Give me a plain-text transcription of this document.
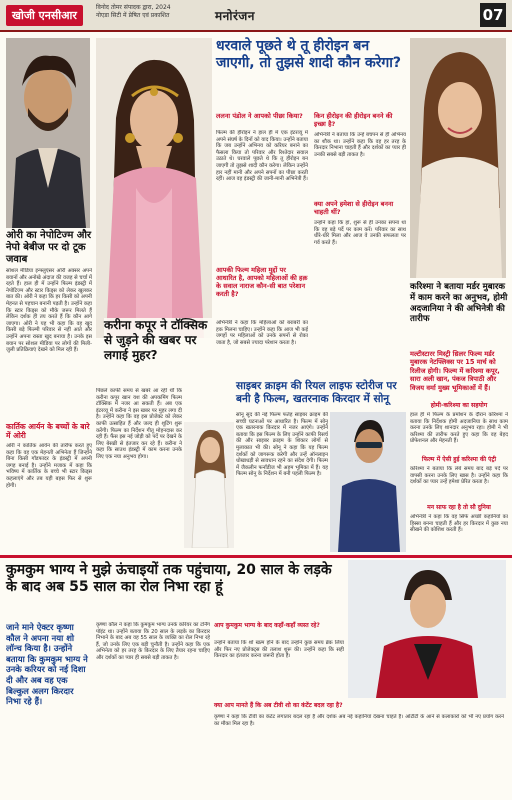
खोजी एनसीआर
विनोद तोमर संपादक द्वारा, 2024
नोएडा सिटी में प्रेषित एवं प्रकाशित	मनोरंजन	07
ओरी का नेपोटिज्म और नेपो बेबीज पर दो टूक जवाब
सोशल मीडिया इन्फ्लुएंसर ओरी अक्सर अपने बयानों और अनोखे अंदाज की वजह से चर्चा में रहते हैं। हाल ही में उन्होंने फिल्म इंडस्ट्री में नेपोटिज्म और स्टार किड्स को लेकर खुलकर बात की। ओरी ने कहा कि हर किसी को अपनी मेहनत से पहचान बनानी पड़ती है। उन्होंने कहा कि स्टार किड्स को मौके जरूर मिलते हैं लेकिन दर्शक ही तय करते हैं कि कौन आगे जाएगा। ओरी ने यह भी कहा कि वह खुद किसी बड़े फिल्मी परिवार से नहीं आते और उन्होंने अपना रास्ता खुद बनाया है। उनके इस बयान पर सोशल मीडिया पर लोगों की मिली-जुली प्रतिक्रियाएं देखने को मिल रही हैं।
कार्तिक आर्यन के बच्चों के बारे में ओरी
ओरी ने कार्तिक आर्यन की तारीफ करते हुए कहा कि वह एक मेहनती अभिनेता हैं जिन्होंने बिना किसी गॉडफादर के इंडस्ट्री में अपनी जगह बनाई है। उन्होंने मजाक में कहा कि भविष्य में कार्तिक के बच्चे भी स्टार किड्स कहलाएंगे और तब यही बहस फिर से शुरू होगी।
करीना कपूर ने टॉक्सिक से जुड़ने की खबर पर लगाई मुहर?
पिछले काफी समय से खबरें आ रही थीं कि करीना कपूर खान यश की अपकमिंग फिल्म टॉक्सिक में नजर आ सकती हैं। अब एक इंटरव्यू में करीना ने इस खबर पर मुहर लगा दी है। उन्होंने कहा कि वह इस प्रोजेक्ट को लेकर काफी उत्साहित हैं और जल्द ही शूटिंग शुरू करेंगी। फिल्म का निर्देशन गीतू मोहनदास कर रही हैं। फैंस इस नई जोड़ी को पर्दे पर देखने के लिए बेसब्री से इंतजार कर रहे हैं। करीना ने कहा कि साउथ इंडस्ट्री में काम करना उनके लिए एक नया अनुभव होगा।
धरवाले पूछते थे तू हीरोइन बन जाएगी, तो तुझसे शादी कौन करेगा?
ललना पंडोल ने आपको पीछा किया?
फिल्म की हीरोइन ने हाल ही में एक इंटरव्यू में अपने संघर्ष के दिनों को याद किया। उन्होंने बताया कि जब उन्होंने अभिनय को करियर बनाने का फैसला किया तो परिवार और रिश्तेदार सवाल उठाते थे। घरवाले पूछते थे कि तू हीरोइन बन जाएगी तो तुझसे शादी कौन करेगा। लेकिन उन्होंने हार नहीं मानी और अपने सपनों का पीछा करती रहीं। आज वह इंडस्ट्री की जानी-मानी अभिनेत्री हैं।
आपकी फिल्म महिला मुद्दों पर आधारित है, आपको महिलाओं की हक़ के सवाल नाराज कौन-सी बात परेशान करती है?
अभिनेत्री ने कहा कि महिलाओं को बराबरी का हक मिलना चाहिए। उन्होंने कहा कि आज भी कई जगहों पर महिलाओं को उनके सपनों से रोका जाता है, जो सबसे ज्यादा परेशान करता है।
किन हीरोइन की हीरोइन बनने की इच्छा है?
अभिनेत्री ने बताया कि उन्हें बचपन से ही अभिनय का शौक था। उन्होंने कहा कि वह हर तरह के किरदार निभाना चाहती हैं और दर्शकों का प्यार ही उनकी सबसे बड़ी ताकत है।
क्या अपने हमेशा से हीरोइन बनना चाहती थीं?
उन्होंने कहा कि हां, शुरू से ही उनका सपना था कि वह बड़े पर्दे पर काम करें। परिवार का साथ धीरे-धीरे मिला और आज वे उनकी सफलता पर गर्व करते हैं।
करिश्मा ने बताया मर्डर मुबारक में काम करने का अनुभव, होमी अदजानिया ने की अभिनेत्री की तारीफ
मल्टीस्टारर मिस्ट्री थ्रिलर फिल्म मर्डर मुबारक नेटफ्लिक्स पर 15 मार्च को रिलीज होगी। फिल्म में करिश्मा कपूर, सारा अली खान, पंकज त्रिपाठी और विजय वर्मा मुख्य भूमिकाओं में हैं।
होमी-करिश्मा का सहयोग
हाल ही में फिल्म के प्रमोशन के दौरान करिश्मा ने बताया कि निर्देशक होमी अदजानिया के साथ काम करना उनके लिए शानदार अनुभव रहा। होमी ने भी करिश्मा की तारीफ करते हुए कहा कि वह बेहद प्रोफेशनल और मेहनती हैं।
फिल्म में ऐसी हुई करिश्मा की एंट्री
करिश्मा ने बताया कि लंबे समय बाद बड़े पर्दे पर वापसी करना उनके लिए खास है। उन्होंने कहा कि दर्शकों का प्यार उन्हें हमेशा प्रेरित करता है।
मन साफ रहा है तो सौ दुनिया
अभिनेत्री ने कहा कि वह सिर्फ अच्छी कहानियों का हिस्सा बनना चाहती हैं और हर किरदार में कुछ नया सीखने की कोशिश करती हैं।
साइबर क्राइम की रियल लाइफ स्टोरीज पर बनी है फिल्म, खतरनाक किरदार में सोनू
सोनू सूद की नई फिल्म फतेह साइबर क्राइम की सच्ची घटनाओं पर आधारित है। फिल्म में सोनू एक खतरनाक किरदार में नजर आएंगे। उन्होंने बताया कि इस फिल्म के लिए उन्होंने काफी रिसर्च की और साइबर क्राइम के शिकार लोगों से मुलाकात भी की। सोनू ने कहा कि यह फिल्म दर्शकों को जागरूक करेगी और उन्हें ऑनलाइन धोखाधड़ी से सावधान रहने का संदेश देगी। फिल्म में जैकलीन फर्नांडीज भी अहम भूमिका में हैं। यह फिल्म सोनू के निर्देशन में बनी पहली फिल्म है।
कुमकुम भाग्य ने मुझे ऊंचाइयों तक पहुंचाया, 20 साल के लड़के के बाद अब 55 साल का रोल निभा रहा हूं
जाने माने ऐक्टर कृष्णा कौल ने अपना नया शो लॉन्च किया है। उन्होंने बताया कि कुमकुम भाग्य ने उनके करियर को नई दिशा दी और अब वह एक बिल्कुल अलग किरदार निभा रहे हैं।
कृष्णा कौल ने कहा कि कुमकुम भाग्य उनके करियर का टर्निंग पॉइंट था। उन्होंने बताया कि 20 साल के लड़के का किरदार निभाने के बाद अब वह 55 साल के व्यक्ति का रोल निभा रहे हैं, जो उनके लिए एक बड़ी चुनौती है। उन्होंने कहा कि एक अभिनेता को हर तरह के किरदार के लिए तैयार रहना चाहिए और दर्शकों का प्यार ही सबसे बड़ी ताकत है।
आप कुमकुम भाग्य के बाद कहाँ-कहाँ व्यस्त रहे?
उन्होंने बताया कि शो खत्म होने के बाद उन्होंने कुछ समय ब्रेक लिया और फिर नए प्रोजेक्ट्स की तलाश शुरू की। उन्होंने कहा कि सही किरदार का इंतजार करना जरूरी होता है।
क्या आप मानते हैं कि अब टीवी शो का कंटेंट बदल रहा है?
कृष्णा ने कहा कि टीवी का कंटेंट लगातार बदल रहा है और दर्शक अब नई कहानियां देखना चाहते हैं। ओटीटी के आने से कलाकारों को भी नए प्रयोग करने का मौका मिल रहा है।
